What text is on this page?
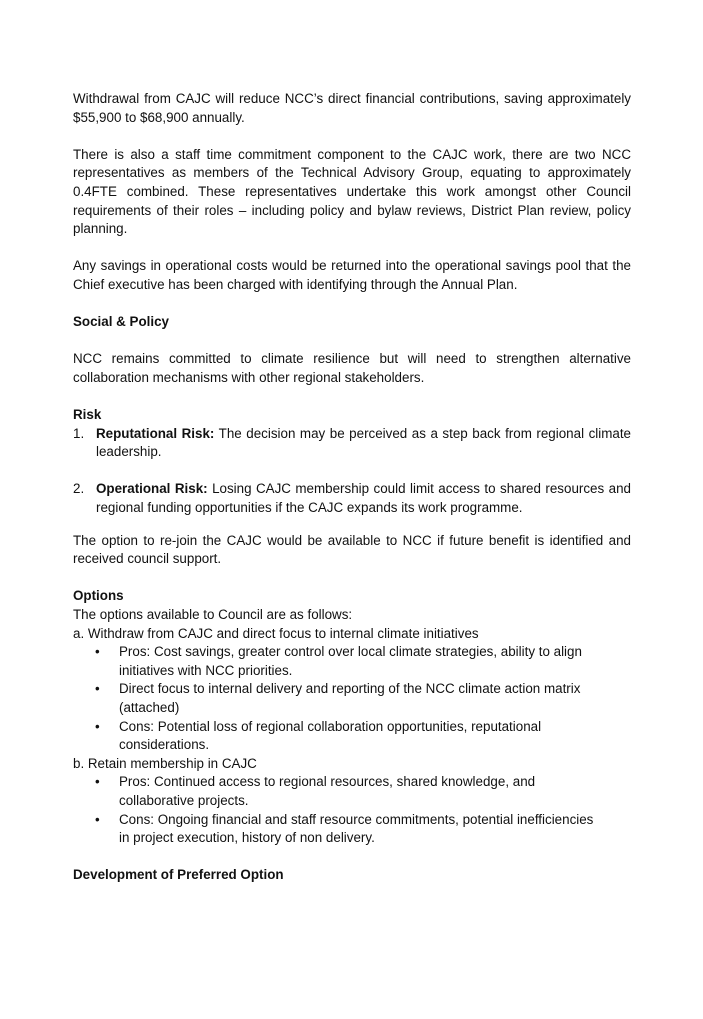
Withdrawal from CAJC will reduce NCC’s direct financial contributions, saving approximately $55,900 to $68,900 annually.

There is also a staff time commitment component to the CAJC work, there are two NCC representatives as members of the Technical Advisory Group, equating to approximately 0.4FTE combined. These representatives undertake this work amongst other Council requirements of their roles – including policy and bylaw reviews, District Plan review, policy planning.

Any savings in operational costs would be returned into the operational savings pool that the Chief executive has been charged with identifying through the Annual Plan.

Social & Policy

NCC remains committed to climate resilience but will need to strengthen alternative collaboration mechanisms with other regional stakeholders.

Risk

1. Reputational Risk: The decision may be perceived as a step back from regional climate leadership.

2. Operational Risk: Losing CAJC membership could limit access to shared resources and regional funding opportunities if the CAJC expands its work programme.

The option to re-join the CAJC would be available to NCC if future benefit is identified and received council support.

Options

The options available to Council are as follows:

a. Withdraw from CAJC and direct focus to internal climate initiatives

• Pros: Cost savings, greater control over local climate strategies, ability to align initiatives with NCC priorities.
• Direct focus to internal delivery and reporting of the NCC climate action matrix (attached)
• Cons: Potential loss of regional collaboration opportunities, reputational considerations.

b. Retain membership in CAJC

• Pros: Continued access to regional resources, shared knowledge, and collaborative projects.
• Cons: Ongoing financial and staff resource commitments, potential inefficiencies in project execution, history of non delivery.

Development of Preferred Option
